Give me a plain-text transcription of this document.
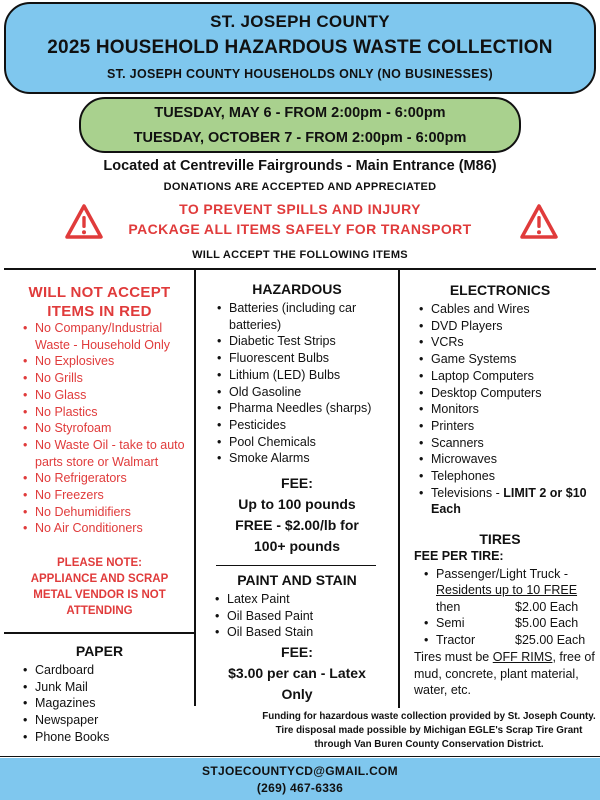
ST. JOSEPH COUNTY
2025 HOUSEHOLD HAZARDOUS WASTE COLLECTION
ST. JOSEPH COUNTY HOUSEHOLDS ONLY (NO BUSINESSES)
TUESDAY, MAY 6 - FROM 2:00pm - 6:00pm
TUESDAY, OCTOBER 7 - FROM 2:00pm - 6:00pm
Located at Centreville Fairgrounds - Main Entrance (M86)
DONATIONS ARE ACCEPTED AND APPRECIATED
TO PREVENT SPILLS AND INJURY
PACKAGE ALL ITEMS SAFELY FOR TRANSPORT
WILL ACCEPT THE FOLLOWING ITEMS
WILL NOT ACCEPT
ITEMS IN RED
• No Company/Industrial Waste - Household Only
• No Explosives
• No Grills
• No Glass
• No Plastics
• No Styrofoam
• No Waste Oil - take to auto parts store or Walmart
• No Refrigerators
• No Freezers
• No Dehumidifiers
• No Air Conditioners
PLEASE NOTE:
APPLIANCE AND SCRAP
METAL VENDOR IS NOT
ATTENDING
PAPER
• Cardboard
• Junk Mail
• Magazines
• Newspaper
• Phone Books
HAZARDOUS
• Batteries (including car batteries)
• Diabetic Test Strips
• Fluorescent Bulbs
• Lithium (LED) Bulbs
• Old Gasoline
• Pharma Needles (sharps)
• Pesticides
• Pool Chemicals
• Smoke Alarms
FEE:
Up to 100 pounds
FREE - $2.00/lb for
100+ pounds
PAINT AND STAIN
• Latex Paint
• Oil Based Paint
• Oil Based Stain
FEE:
$3.00 per can - Latex
Only
ELECTRONICS
• Cables and Wires
• DVD Players
• VCRs
• Game Systems
• Laptop Computers
• Desktop Computers
• Monitors
• Printers
• Scanners
• Microwaves
• Telephones
• Televisions - LIMIT 2 or $10 Each
TIRES
FEE PER TIRE:
• Passenger/Light Truck -
Residents up to 10 FREE
then	$2.00 Each
• Semi	$5.00 Each
• Tractor	$25.00 Each
Tires must be OFF RIMS, free of mud, concrete, plant material, water, etc.
Funding for hazardous waste collection provided by St. Joseph County. Tire disposal made possible by Michigan EGLE's Scrap Tire Grant through Van Buren County Conservation District.
STJOECOUNTYCD@GMAIL.COM
(269) 467-6336
